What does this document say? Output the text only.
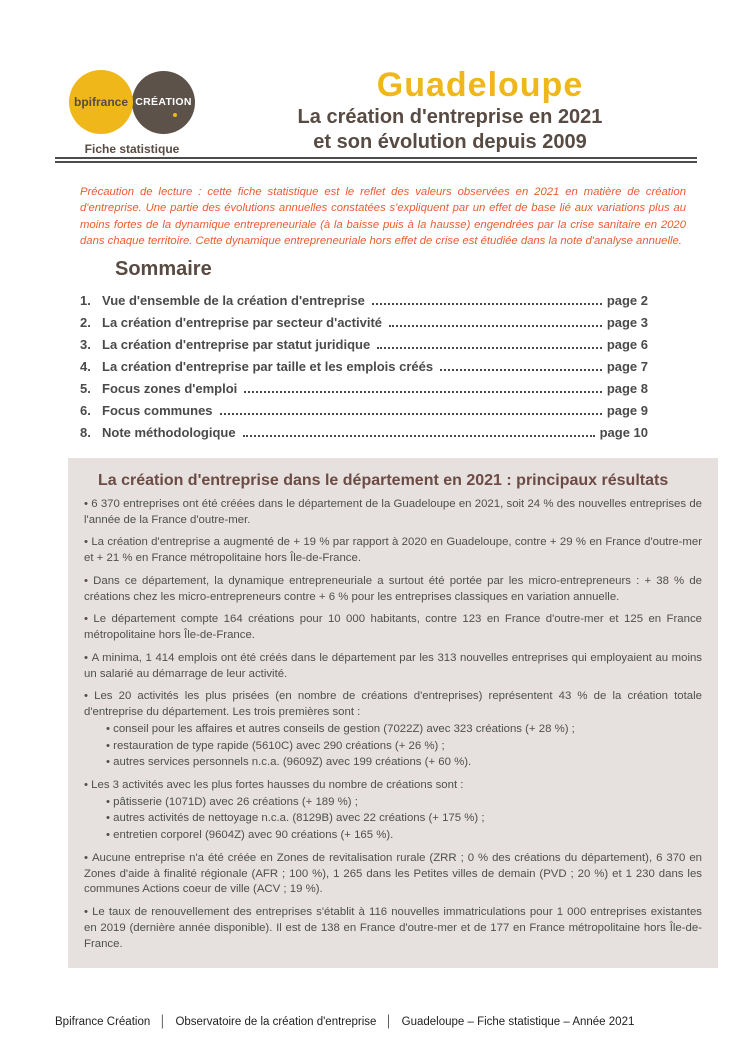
bpifrance CRÉATION
Fiche statistique
Guadeloupe
La création d'entreprise en 2021
et son évolution depuis 2009
Précaution de lecture : cette fiche statistique est le reflet des valeurs observées en 2021 en matière de création d'entreprise. Une partie des évolutions annuelles constatées s'expliquent par un effet de base lié aux variations plus au moins fortes de la dynamique entrepreneuriale (à la baisse puis à la hausse) engendrées par la crise sanitaire en 2020 dans chaque territoire. Cette dynamique entrepreneuriale hors effet de crise est étudiée dans la note d'analyse annuelle.
Sommaire
1. Vue d'ensemble de la création d'entreprise	page 2
2. La création d'entreprise par secteur d'activité	page 3
3. La création d'entreprise par statut juridique	page 6
4. La création d'entreprise par taille et les emplois créés	page 7
5. Focus zones d'emploi	page 8
6. Focus communes	page 9
8. Note méthodologique	page 10
La création d'entreprise dans le département en 2021 : principaux résultats

• 6 370 entreprises ont été créées dans le département de la Guadeloupe en 2021, soit 24 % des nouvelles entreprises de l'année de la France d'outre-mer.

• La création d'entreprise a augmenté de + 19 % par rapport à 2020 en Guadeloupe, contre + 29 % en France d'outre-mer et + 21 % en France métropolitaine hors Île-de-France.

• Dans ce département, la dynamique entrepreneuriale a surtout été portée par les micro-entrepreneurs : + 38 % de créations chez les micro-entrepreneurs contre + 6 % pour les entreprises classiques en variation annuelle.

• Le département compte 164 créations pour 10 000 habitants, contre 123 en France d'outre-mer et 125 en France métropolitaine hors Île-de-France.

• A minima, 1 414 emplois ont été créés dans le département par les 313 nouvelles entreprises qui employaient au moins un salarié au démarrage de leur activité.

• Les 20 activités les plus prisées (en nombre de créations d'entreprises) représentent 43 % de la création totale d'entreprise du département. Les trois premières sont :

• conseil pour les affaires et autres conseils de gestion (7022Z) avec 323 créations (+ 28 %) ;

• restauration de type rapide (5610C) avec 290 créations (+ 26 %) ;

• autres services personnels n.c.a. (9609Z) avec 199 créations (+ 60 %).

• Les 3 activités avec les plus fortes hausses du nombre de créations sont :

• pâtisserie (1071D) avec 26 créations (+ 189 %) ;

• autres activités de nettoyage n.c.a. (8129B) avec 22 créations (+ 175 %) ;

• entretien corporel (9604Z) avec 90 créations (+ 165 %).

• Aucune entreprise n'a été créée en Zones de revitalisation rurale (ZRR ; 0 % des créations du département), 6 370 en Zones d'aide à finalité régionale (AFR ; 100 %), 1 265 dans les Petites villes de demain (PVD ; 20 %) et 1 230 dans les communes Actions coeur de ville (ACV ; 19 %).

• Le taux de renouvellement des entreprises s'établit à 116 nouvelles immatriculations pour 1 000 entreprises existantes en 2019 (dernière année disponible). Il est de 138 en France d'outre-mer et de 177 en France métropolitaine hors Île-de-France.

Bpifrance Création │ Observatoire de la création d'entreprise │ Guadeloupe – Fiche statistique – Année 2021
